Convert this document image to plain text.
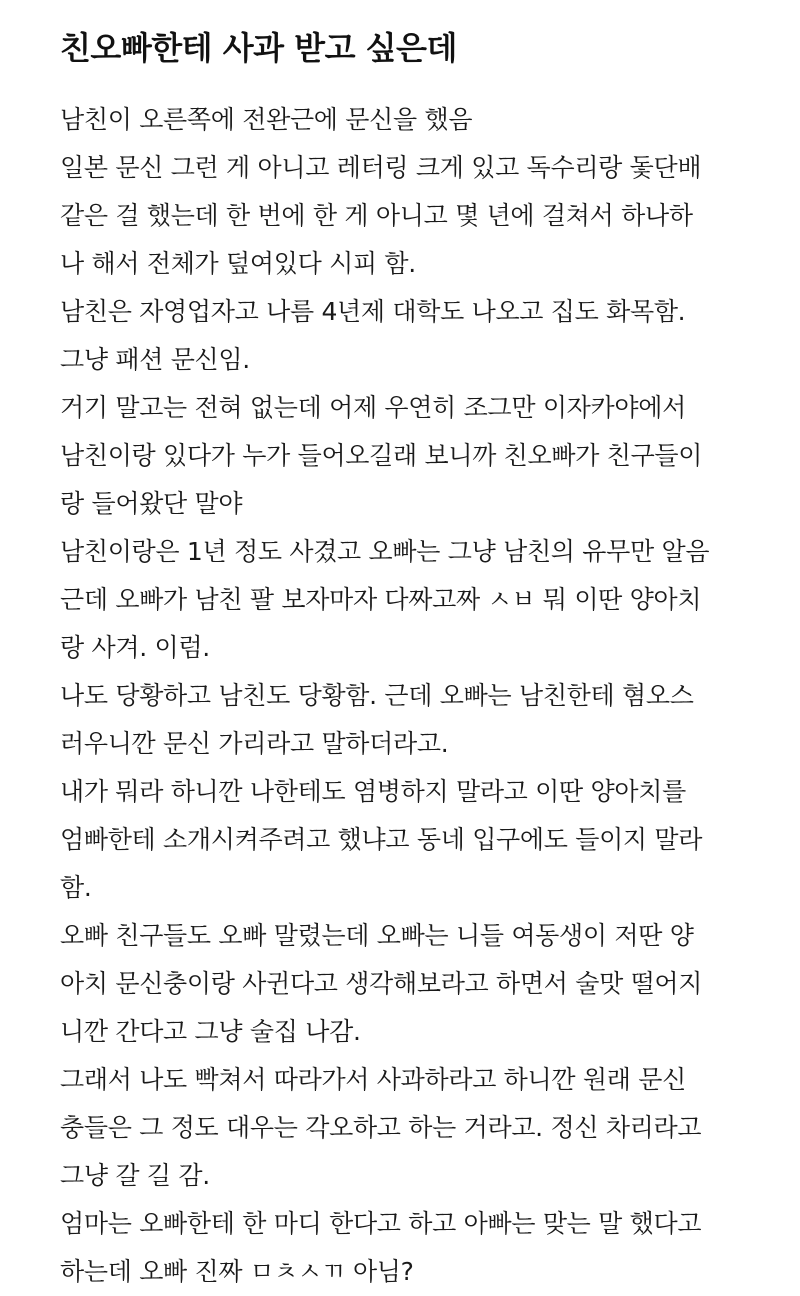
친오빠한테 사과 받고 싶은데
남친이 오른쪽에 전완근에 문신을 했음
일본 문신 그런 게 아니고 레터링 크게 있고 독수리랑 돛단배
같은 걸 했는데 한 번에 한 게 아니고 몇 년에 걸쳐서 하나하
나 해서 전체가 덮여있다 시피 함.
남친은 자영업자고 나름 4년제 대학도 나오고 집도 화목함.
그냥 패션 문신임.
거기 말고는 전혀 없는데 어제 우연히 조그만 이자카야에서
남친이랑 있다가 누가 들어오길래 보니까 친오빠가 친구들이
랑 들어왔단 말야
남친이랑은 1년 정도 사겼고 오빠는 그냥 남친의 유무만 알음
근데 오빠가 남친 팔 보자마자 다짜고짜 ㅅㅂ 뭐 이딴 양아치
랑 사겨. 이럼.
나도 당황하고 남친도 당황함. 근데 오빠는 남친한테 혐오스
러우니깐 문신 가리라고 말하더라고.
내가 뭐라 하니깐 나한테도 염병하지 말라고 이딴 양아치를
엄빠한테 소개시켜주려고 했냐고 동네 입구에도 들이지 말라
함.
오빠 친구들도 오빠 말렸는데 오빠는 니들 여동생이 저딴 양
아치 문신충이랑 사귄다고 생각해보라고 하면서 술맛 떨어지
니깐 간다고 그냥 술집 나감.
그래서 나도 빡쳐서 따라가서 사과하라고 하니깐 원래 문신
충들은 그 정도 대우는 각오하고 하는 거라고. 정신 차리라고
그냥 갈 길 감.
엄마는 오빠한테 한 마디 한다고 하고 아빠는 맞는 말 했다고
하는데 오빠 진짜 ㅁㅊㅅㄲ 아님?
